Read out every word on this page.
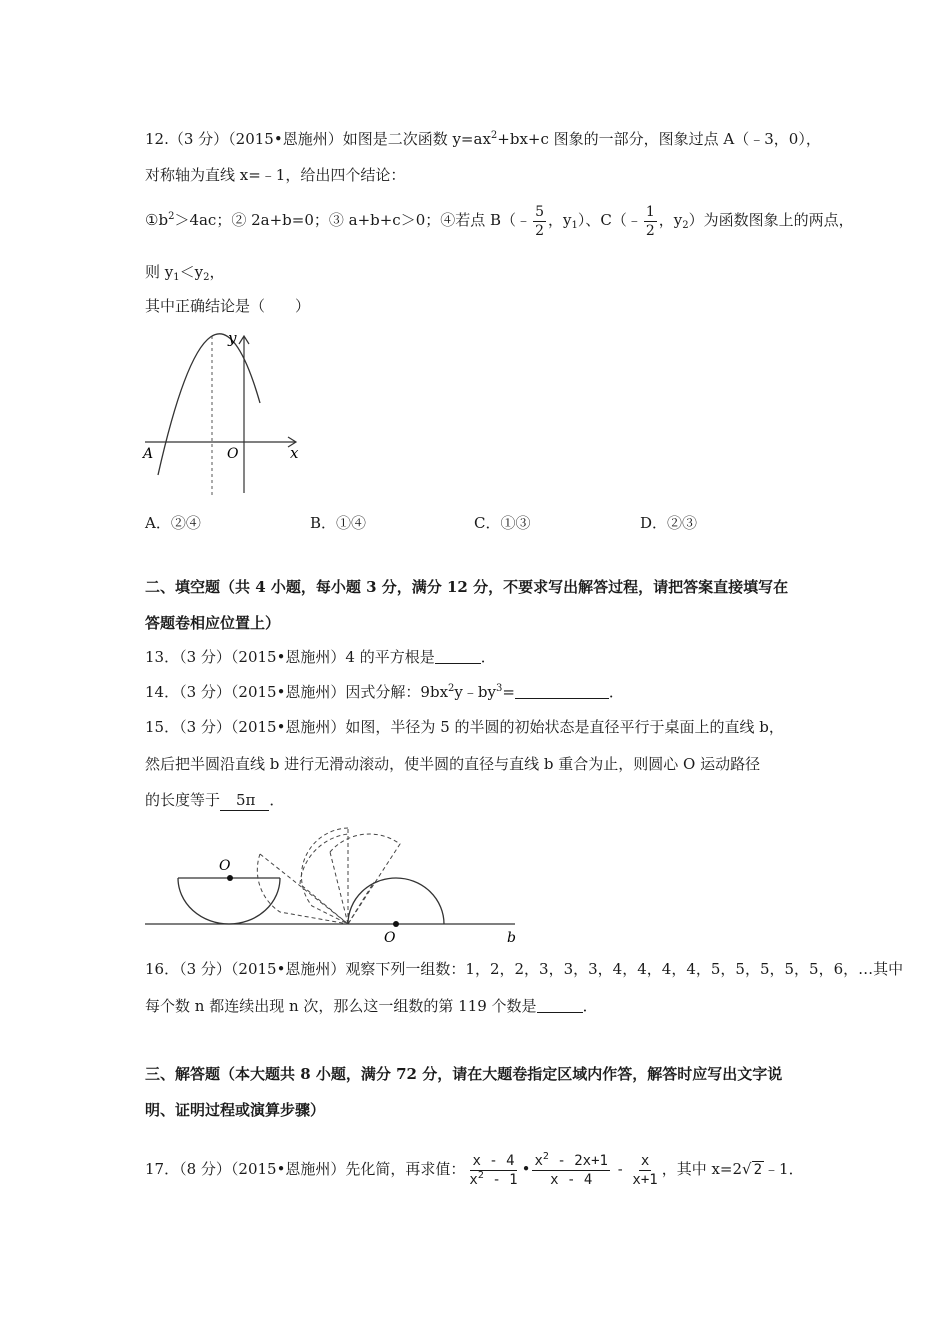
12.（3 分）（2015•恩施州）如图是二次函数 $y=ax^2+bx+c$ 图象的一部分，图象过点 A（﹣3，0），
对称轴为直线 x=﹣1，给出四个结论：
$①b^2>4ac$；② 2a+b=0；③ a+b+c＞0；④若点 B（﹣ $\frac{5}{2}$ ，$y_1$）、C（﹣ $\frac{1}{2}$ ，$y_2$）为函数图象上的两点，
则 $y_1<y_2$，
其中正确结论是（　　）
y
x
O
A
A．②④	B．①④	C．①③	D．②③
二、填空题（共 4 小题，每小题 3 分，满分 12 分，不要求写出解答过程，请把答案直接填写在
答题卷相应位置上）
13．（3 分）（2015•恩施州）4 的平方根是	．
14．（3 分）（2015•恩施州）因式分解：$9bx^2y﹣by^3=$	．
15．（3 分）（2015•恩施州）如图，半径为 5 的半圆的初始状态是直径平行于桌面上的直线 b，
然后把半圆沿直线 b 进行无滑动滚动，使半圆的直径与直线 b 重合为止，则圆心 O 运动路径
的长度等于 5π ．
O
O	b
16．（3 分）（2015•恩施州）观察下列一组数：1，2，2，3，3，3，4，4，4，4，5，5，5，5，5，6，…其中
每个数 n 都连续出现 n 次，那么这一组数的第 119 个数是	．
三、解答题（本大题共 8 小题，满分 72 分，请在大题卷指定区域内作答，解答时应写出文字说
明、证明过程或演算步骤）
17．（8 分）（2015•恩施州）先化简，再求值： $\frac{x - 4}{x^2 - 1}$ • $\frac{x^2 - 2x+1}{x - 4} - \frac{x}{x+1}$ ，其中 x=2√ 2 ﹣1．
